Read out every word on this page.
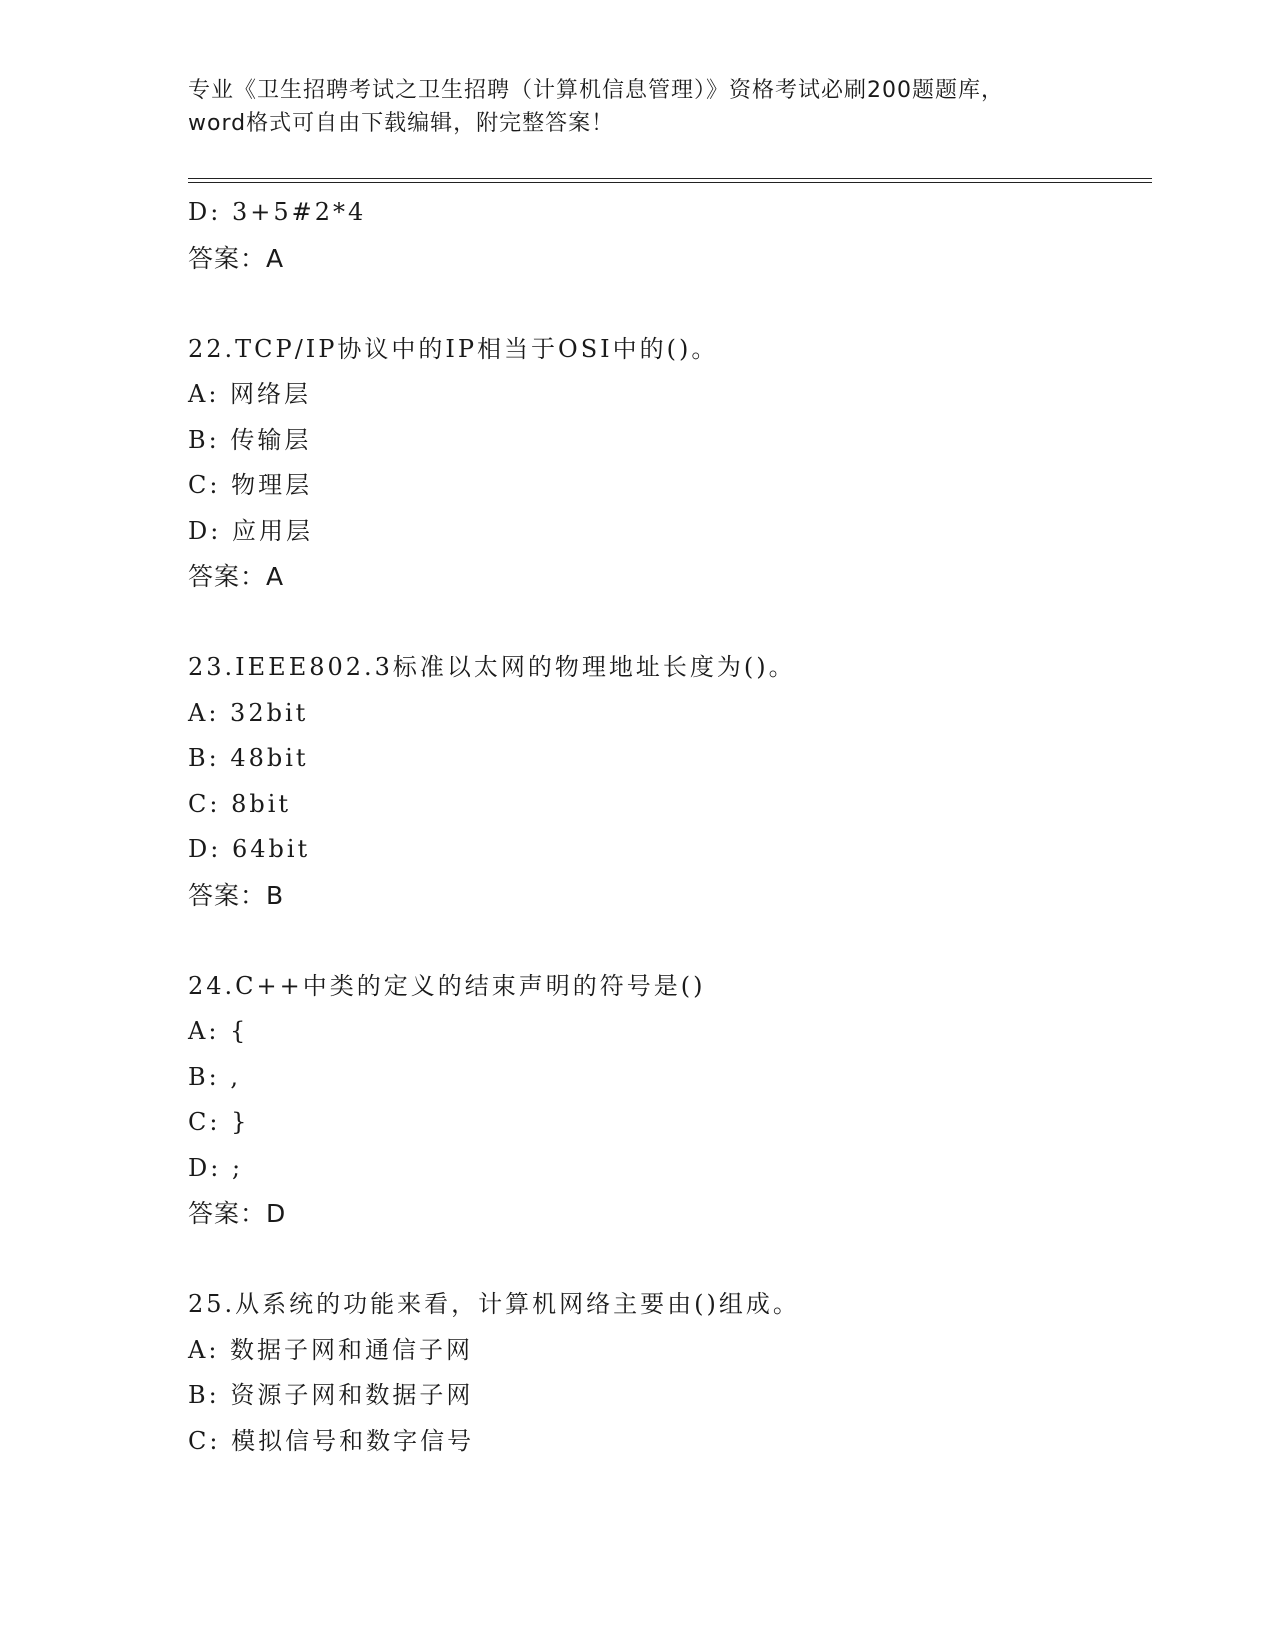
专业《卫生招聘考试之卫生招聘（计算机信息管理）》资格考试必刷200题题库，
word格式可自由下载编辑，附完整答案！
D: 3+5#2*4
答案：A
22.TCP/IP协议中的IP相当于OSI中的()。
A: 网络层
B: 传输层
C: 物理层
D: 应用层
答案：A
23.IEEE802.3标准以太网的物理地址长度为()。
A: 32bit
B: 48bit
C: 8bit
D: 64bit
答案：B
24.C++中类的定义的结束声明的符号是()
A: {
B: ,
C: }
D: ;
答案：D
25.从系统的功能来看，计算机网络主要由()组成。
A: 数据子网和通信子网
B: 资源子网和数据子网
C: 模拟信号和数字信号
